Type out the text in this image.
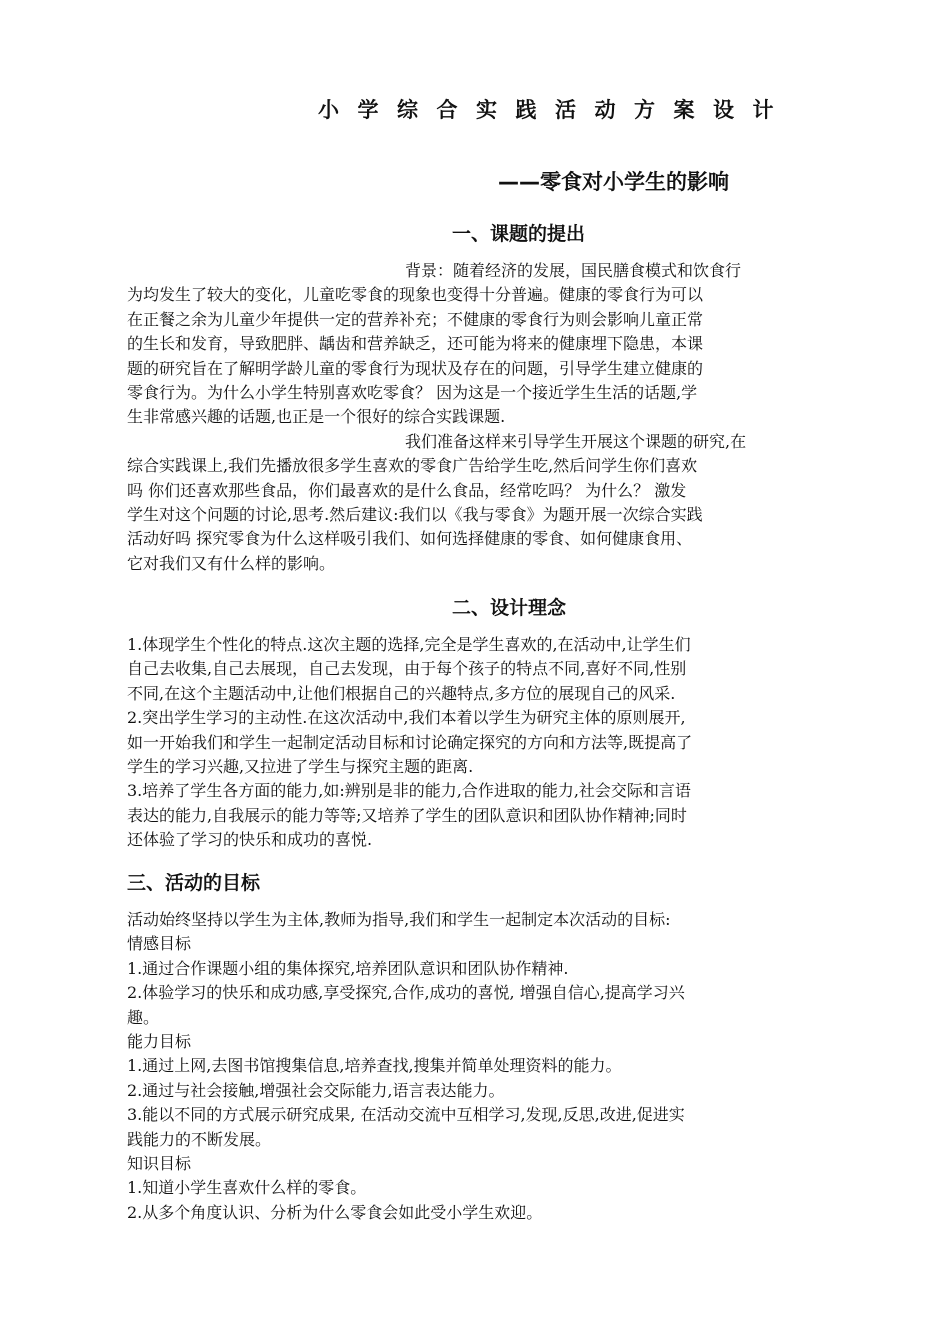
小学综合实践活动方案设计
——零食对小学生的影响
一、课题的提出
背景：随着经济的发展，国民膳食模式和饮食行
为均发生了较大的变化，儿童吃零食的现象也变得十分普遍。健康的零食行为可以
在正餐之余为儿童少年提供一定的营养补充；不健康的零食行为则会影响儿童正常
的生长和发育，导致肥胖、龋齿和营养缺乏，还可能为将来的健康埋下隐患，本课
题的研究旨在了解明学龄儿童的零食行为现状及存在的问题，引导学生建立健康的
零食行为。为什么小学生特别喜欢吃零食？ 因为这是一个接近学生生活的话题,学
生非常感兴趣的话题,也正是一个很好的综合实践课题.
我们准备这样来引导学生开展这个课题的研究,在
综合实践课上,我们先播放很多学生喜欢的零食广告给学生吃,然后问学生你们喜欢
吗 你们还喜欢那些食品，你们最喜欢的是什么食品，经常吃吗？ 为什么？ 激发
学生对这个问题的讨论,思考.然后建议:我们以《我与零食》为题开展一次综合实践
活动好吗 探究零食为什么这样吸引我们、如何选择健康的零食、如何健康食用、
它对我们又有什么样的影响。
二、设计理念
1.体现学生个性化的特点.这次主题的选择,完全是学生喜欢的,在活动中,让学生们
自己去收集,自己去展现，自己去发现，由于每个孩子的特点不同,喜好不同,性别
不同,在这个主题活动中,让他们根据自己的兴趣特点,多方位的展现自己的风采.
2.突出学生学习的主动性.在这次活动中,我们本着以学生为研究主体的原则展开,
如一开始我们和学生一起制定活动目标和讨论确定探究的方向和方法等,既提高了
学生的学习兴趣,又拉进了学生与探究主题的距离.
3.培养了学生各方面的能力,如:辨别是非的能力,合作进取的能力,社会交际和言语
表达的能力,自我展示的能力等等;又培养了学生的团队意识和团队协作精神;同时
还体验了学习的快乐和成功的喜悦.
三、活动的目标
活动始终坚持以学生为主体,教师为指导,我们和学生一起制定本次活动的目标:
情感目标
1.通过合作课题小组的集体探究,培养团队意识和团队协作精神.
2.体验学习的快乐和成功感,享受探究,合作,成功的喜悦, 增强自信心,提高学习兴
趣。
能力目标
1.通过上网,去图书馆搜集信息,培养查找,搜集并简单处理资料的能力。
2.通过与社会接触,增强社会交际能力,语言表达能力。
3.能以不同的方式展示研究成果, 在活动交流中互相学习,发现,反思,改进,促进实
践能力的不断发展。
知识目标
1.知道小学生喜欢什么样的零食。
2.从多个角度认识、分析为什么零食会如此受小学生欢迎。
